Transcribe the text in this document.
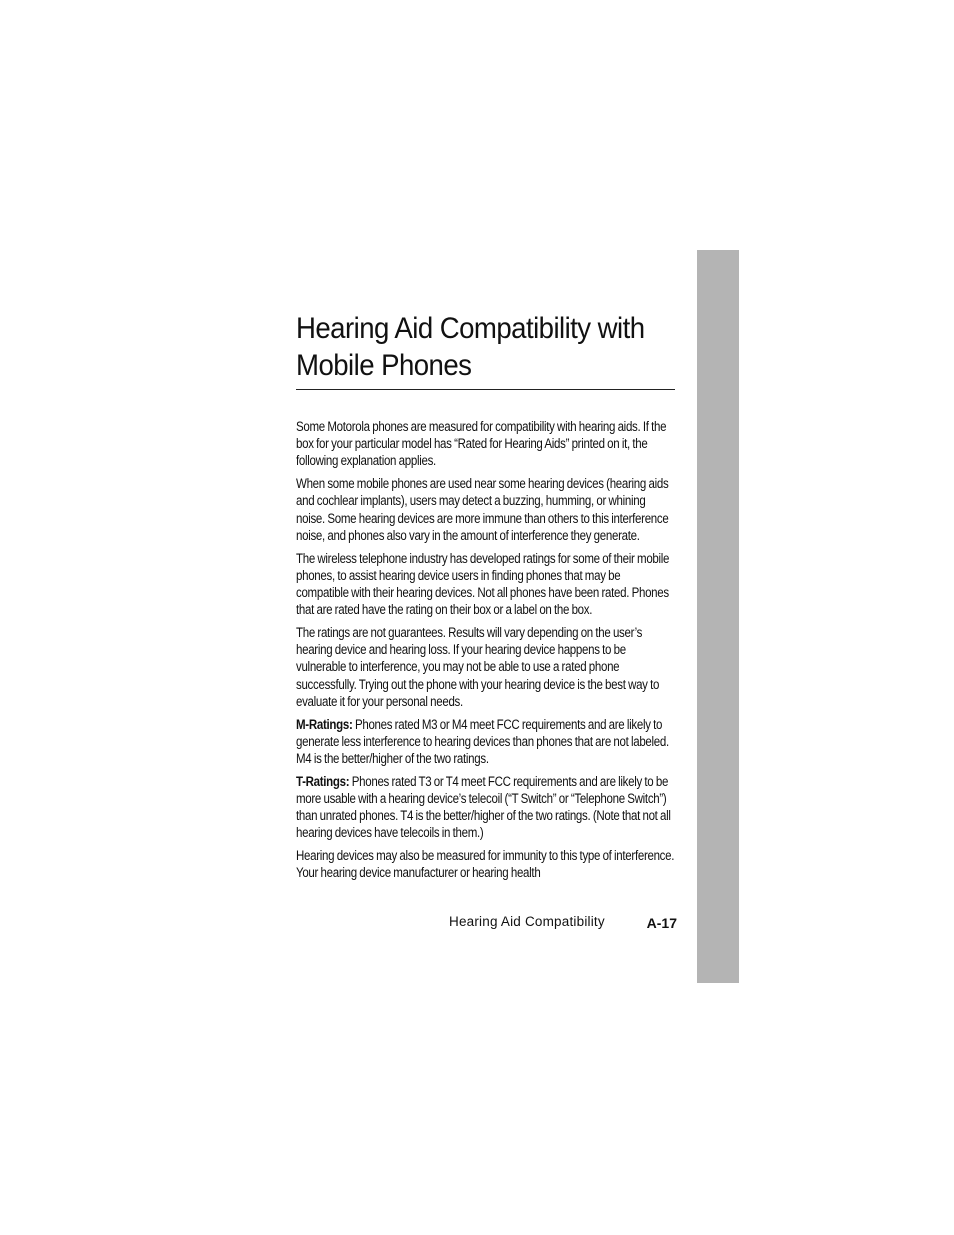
Hearing Aid Compatibility with
Mobile Phones

Some Motorola phones are measured for compatibility with hearing aids. If the box for your particular model has “Rated for Hearing Aids” printed on it, the following explanation applies.

When some mobile phones are used near some hearing devices (hearing aids and cochlear implants), users may detect a buzzing, humming, or whining noise. Some hearing devices are more immune than others to this interference noise, and phones also vary in the amount of interference they generate.

The wireless telephone industry has developed ratings for some of their mobile phones, to assist hearing device users in finding phones that may be compatible with their hearing devices. Not all phones have been rated. Phones that are rated have the rating on their box or a label on the box.

The ratings are not guarantees. Results will vary depending on the user’s hearing device and hearing loss. If your hearing device happens to be vulnerable to interference, you may not be able to use a rated phone successfully. Trying out the phone with your hearing device is the best way to evaluate it for your personal needs.

M-Ratings: Phones rated M3 or M4 meet FCC requirements and are likely to generate less interference to hearing devices than phones that are not labeled. M4 is the better/higher of the two ratings.

T-Ratings: Phones rated T3 or T4 meet FCC requirements and are likely to be more usable with a hearing device’s telecoil (“T Switch” or “Telephone Switch”) than unrated phones. T4 is the better/higher of the two ratings. (Note that not all hearing devices have telecoils in them.)

Hearing devices may also be measured for immunity to this type of interference. Your hearing device manufacturer or hearing health

Hearing Aid Compatibility	A-17
